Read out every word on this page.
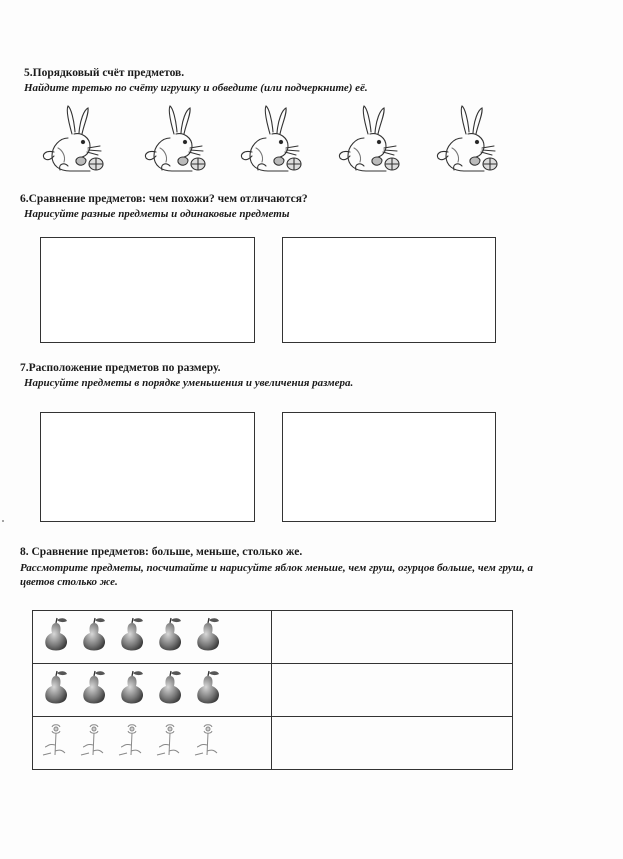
5.Порядковый счёт предметов.
Найдите третью по счёту игрушку и обведите (или подчеркните) её.
6.Сравнение предметов: чем похожи? чем отличаются?
Нарисуйте разные предметы и одинаковые предметы
7.Расположение предметов по размеру.
Нарисуйте предметы в порядке уменьшения и увеличения размера.
8. Сравнение предметов: больше, меньше, столько же.
Рассмотрите предметы, посчитайте и нарисуйте яблок меньше, чем груш, огурцов больше, чем груш, а цветов столько же.
